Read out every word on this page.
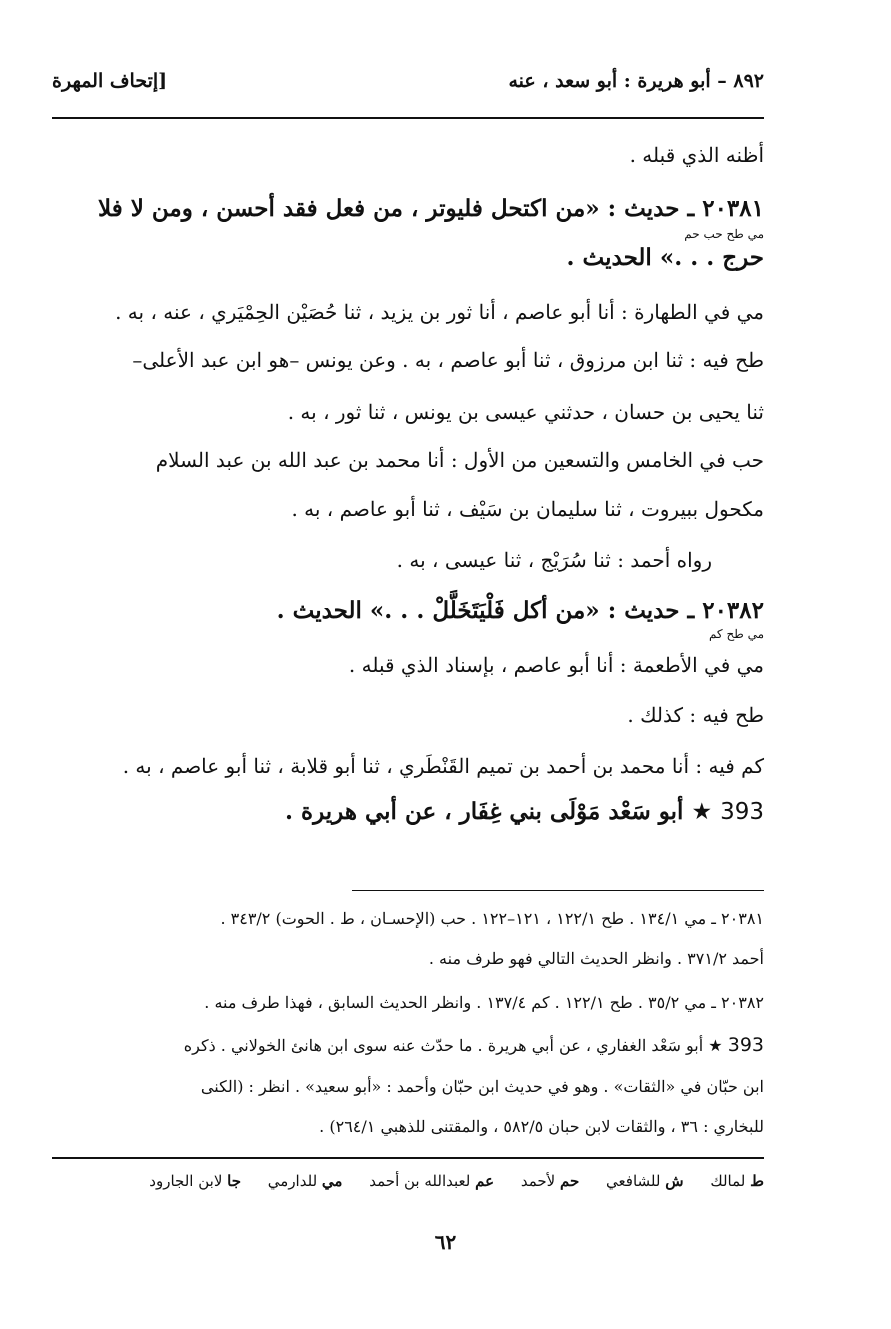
٨٩٢ – أبو هريرة : أبو سعد ، عنه
[إتحاف المهرة
أظنه الذي قبله .
٢٠٣٨١ ـ حديث : «من اكتحل فليوتر ، من فعل فقد أحسن ، ومن لا فلا
مي طح حب حم
حرج . . .» الحديث .
مي في الطهارة : أنا أبو عاصم ، أنا ثور بن يزيد ، ثنا حُصَيْن الحِمْيَري ، عنه ، به .
طح فيه : ثنا ابن مرزوق ، ثنا أبو عاصم ، به . وعن يونس –هو ابن عبد الأعلى–
ثنا يحيى بن حسان ، حدثني عيسى بن يونس ، ثنا ثور ، به .
حب في الخامس والتسعين من الأول : أنا محمد بن عبد الله بن عبد السلام
مكحول ببيروت ، ثنا سليمان بن سَيْف ، ثنا أبو عاصم ، به .
رواه أحمد : ثنا سُرَيْج ، ثنا عيسى ، به .
٢٠٣٨٢ ـ حديث : «من أكل فَلْيَتَخَلَّلْ . . .» الحديث .
مي طح كم
مي في الأطعمة : أنا أبو عاصم ، بإسناد الذي قبله .
طح فيه : كذلك .
كم فيه : أنا محمد بن أحمد بن تميم القَنْطَري ، ثنا أبو قلابة ، ثنا أبو عاصم ، به .
393 ★ أبو سَعْد مَوْلَى بني غِفَار ، عن أبي هريرة .
٢٠٣٨١ ـ مي ١٣٤/١ . طح ١٢٢/١ ، ١٢١–١٢٢ . حب (الإحسـان ، ط . الحوت) ٣٤٣/٢ .
أحمد ٣٧١/٢ . وانظر الحديث التالي فهو طرف منه .
٢٠٣٨٢ ـ مي ٣٥/٢ . طح ١٢٢/١ . كم ١٣٧/٤ . وانظر الحديث السابق ، فهذا طرف منه .
393 ★ أبو سَعْد الغفاري ، عن أبي هريرة . ما حدّث عنه سوى ابن هانئ الخولاني . ذكره
ابن حبّان في «الثقات» . وهو في حديث ابن حبّان وأحمد : «أبو سعيد» . انظر : (الكنى
للبخاري : ٣٦ ، والثقات لابن حبان ٥٨٢/٥ ، والمقتنى للذهبي ٢٦٤/١) .
ط لمالك ش للشافعي حم لأحمد عم لعبدالله بن أحمد مي للدارمي جا لابن الجارود
٦٢
